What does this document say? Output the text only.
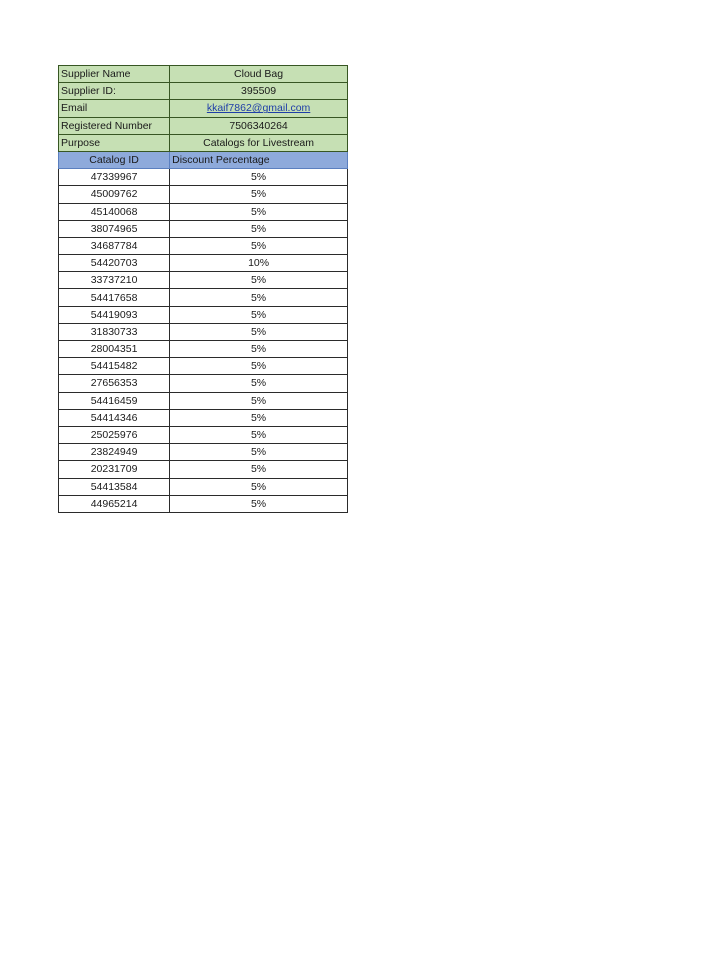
Supplier Name	Cloud Bag
Supplier ID:	395509
Email	kkaif7862@gmail.com
Registered Number	7506340264
Purpose	Catalogs for Livestream
Catalog ID	Discount Percentage
47339967	5%
45009762	5%
45140068	5%
38074965	5%
34687784	5%
54420703	10%
33737210	5%
54417658	5%
54419093	5%
31830733	5%
28004351	5%
54415482	5%
27656353	5%
54416459	5%
54414346	5%
25025976	5%
23824949	5%
20231709	5%
54413584	5%
44965214	5%
